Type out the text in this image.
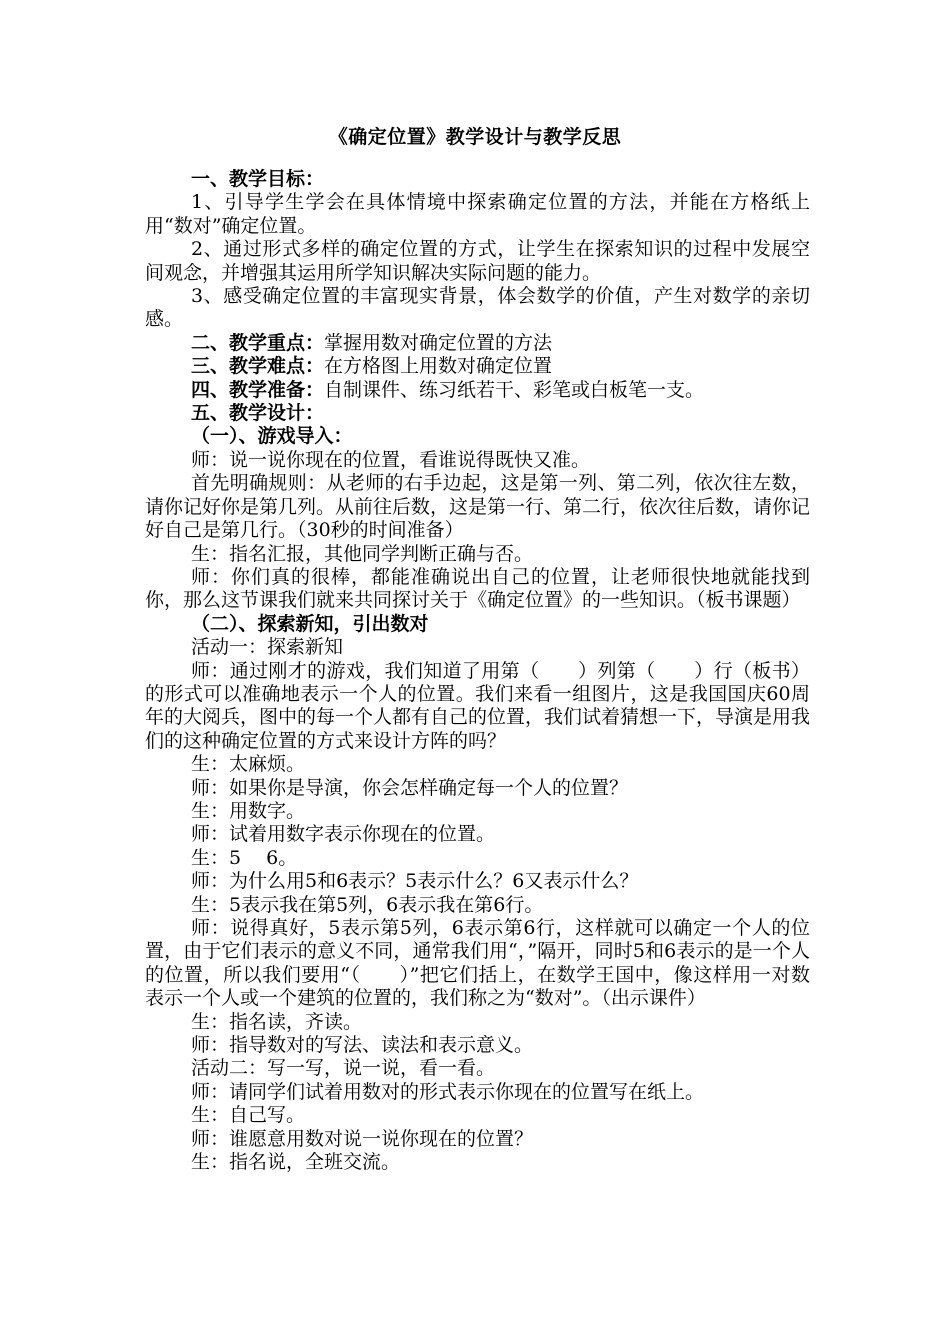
《确定位置》教学设计与教学反思

一、教学目标：

1、引导学生学会在具体情境中探索确定位置的方法，并能在方格纸上用“数对”确定位置。

2、通过形式多样的确定位置的方式，让学生在探索知识的过程中发展空间观念，并增强其运用所学知识解决实际问题的能力。

3、感受确定位置的丰富现实背景，体会数学的价值，产生对数学的亲切感。

二、教学重点：掌握用数对确定位置的方法

三、教学难点：在方格图上用数对确定位置

四、教学准备：自制课件、练习纸若干、彩笔或白板笔一支。

五、教学设计：

（一）、游戏导入：

师：说一说你现在的位置，看谁说得既快又准。

首先明确规则：从老师的右手边起，这是第一列、第二列，依次往左数，请你记好你是第几列。从前往后数，这是第一行、第二行，依次往后数，请你记好自己是第几行。（30秒的时间准备）

生：指名汇报，其他同学判断正确与否。

师：你们真的很棒，都能准确说出自己的位置，让老师很快地就能找到你，那么这节课我们就来共同探讨关于《确定位置》的一些知识。（板书课题）

（二）、探索新知，引出数对

活动一：探索新知

师：通过刚才的游戏，我们知道了用第（　　）列第（　　）行（板书）的形式可以准确地表示一个人的位置。我们来看一组图片，这是我国国庆60周年的大阅兵，图中的每一个人都有自己的位置，我们试着猜想一下，导演是用我们的这种确定位置的方式来设计方阵的吗？

生：太麻烦。

师：如果你是导演，你会怎样确定每一个人的位置？

生：用数字。

师：试着用数字表示你现在的位置。

生：5　 6。

师：为什么用5和6表示？5表示什么？6又表示什么？

生：5表示我在第5列，6表示我在第6行。

师：说得真好，5表示第5列，6表示第6行，这样就可以确定一个人的位置，由于它们表示的意义不同，通常我们用“，”隔开，同时5和6表示的是一个人的位置，所以我们要用“（　　）”把它们括上，在数学王国中，像这样用一对数表示一个人或一个建筑的位置的，我们称之为“数对”。（出示课件）

生：指名读，齐读。

师：指导数对的写法、读法和表示意义。

活动二：写一写，说一说，看一看。

师：请同学们试着用数对的形式表示你现在的位置写在纸上。

生：自己写。

师：谁愿意用数对说一说你现在的位置？

生：指名说，全班交流。
